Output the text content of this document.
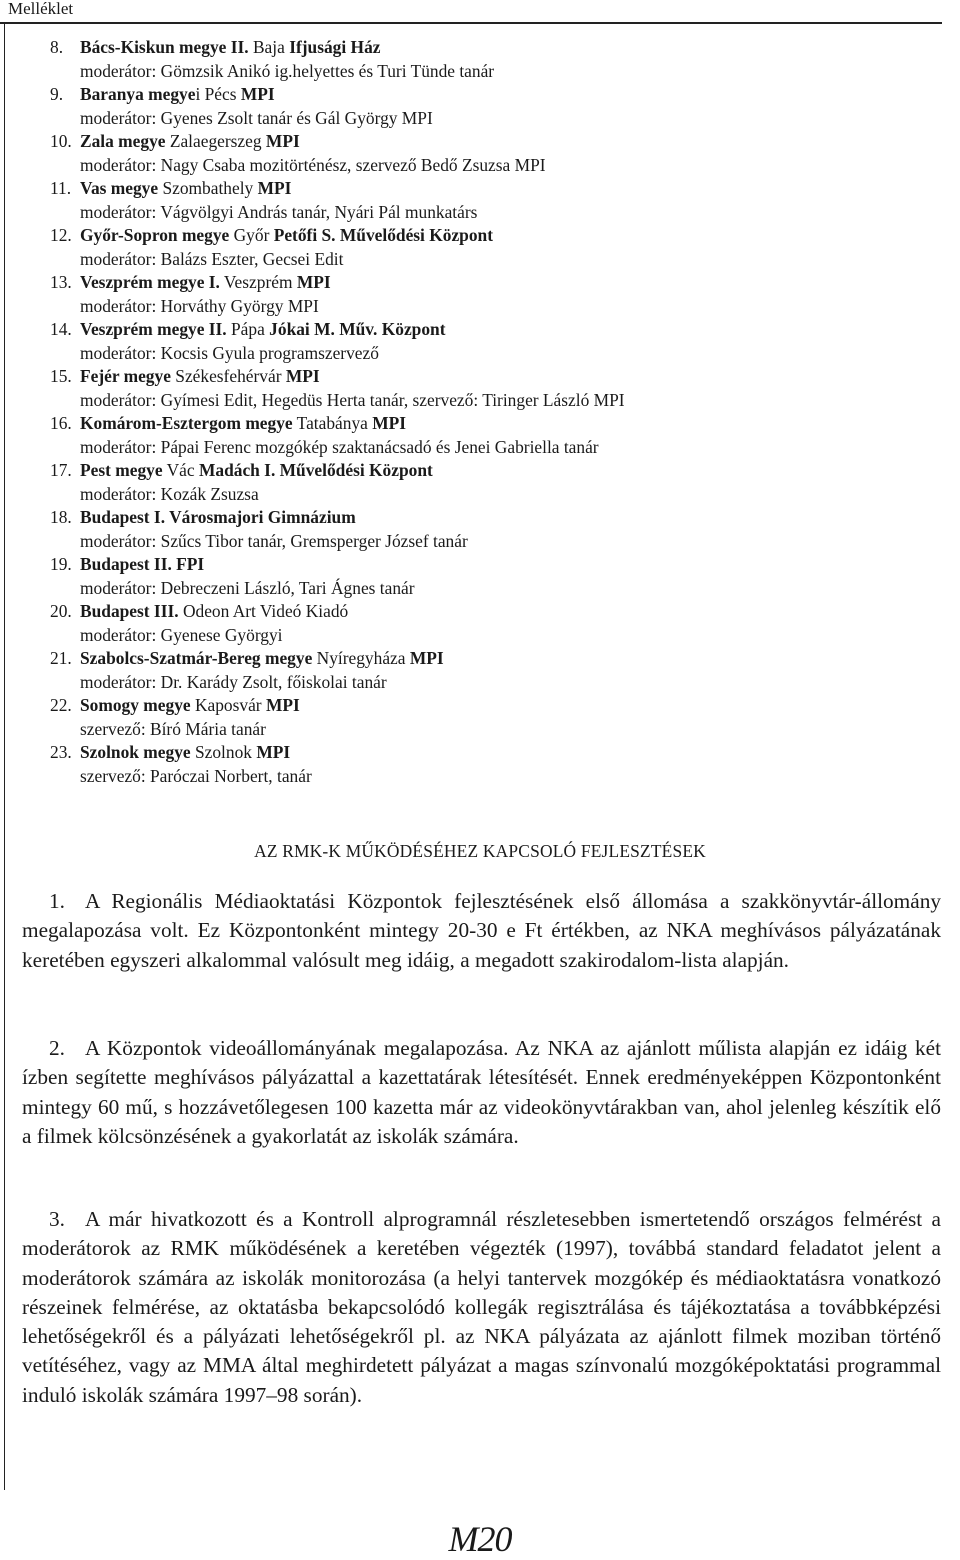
Melléklet
8. Bács-Kiskun megye II. Baja Ifjusági Ház
moderátor: Gömzsik Anikó ig.helyettes és Turi Tünde tanár
9. Baranya megyei Pécs MPI
moderátor: Gyenes Zsolt tanár és Gál György MPI
10. Zala megye Zalaegerszeg MPI
moderátor: Nagy Csaba mozitörténész, szervező Bedő Zsuzsa MPI
11. Vas megye Szombathely MPI
moderátor: Vágvölgyi András tanár, Nyári Pál munkatárs
12. Győr-Sopron megye Győr Petőfi S. Művelődési Központ
moderátor: Balázs Eszter, Gecsei Edit
13. Veszprém megye I. Veszprém MPI
moderátor: Horváthy György MPI
14. Veszprém megye II. Pápa Jókai M. Műv. Központ
moderátor: Kocsis Gyula programszervező
15. Fejér megye Székesfehérvár MPI
moderátor: Gyímesi Edit, Hegedüs Herta tanár, szervező: Tiringer László MPI
16. Komárom-Esztergom megye Tatabánya MPI
moderátor: Pápai Ferenc mozgókép szaktanácsadó és Jenei Gabriella tanár
17. Pest megye Vác Madách I. Művelődési Központ
moderátor: Kozák Zsuzsa
18. Budapest I. Városmajori Gimnázium
moderátor: Szűcs Tibor tanár, Gremsperger József tanár
19. Budapest II. FPI
moderátor: Debreczeni László, Tari Ágnes tanár
20. Budapest III. Odeon Art Videó Kiadó
moderátor: Gyenese Györgyi
21. Szabolcs-Szatmár-Bereg megye Nyíregyháza MPI
moderátor: Dr. Karády Zsolt, főiskolai tanár
22. Somogy megye Kaposvár MPI
szervező: Bíró Mária tanár
23. Szolnok megye Szolnok MPI
szervező: Paróczai Norbert, tanár
AZ RMK-K MŰKÖDÉSÉHEZ KAPCSOLÓ FEJLESZTÉSEK
1. A Regionális Médiaoktatási Központok fejlesztésének első állomása a szakkönyvtár-állomány megalapozása volt. Ez Központonként mintegy 20-30 e Ft értékben, az NKA meghívásos pályázatának keretében egyszeri alkalommal valósult meg idáig, a megadott szakirodalom-lista alapján.
2. A Központok videoállományának megalapozása. Az NKA az ajánlott műlista alapján ez idáig két ízben segítette meghívásos pályázattal a kazettatárak létesítését. Ennek eredményeképpen Központonként mintegy 60 mű, s hozzávetőlegesen 100 kazetta már az videokönyvtárakban van, ahol jelenleg készítik elő a filmek kölcsönzésének a gyakorlatát az iskolák számára.
3. A már hivatkozott és a Kontroll alprogramnál részletesebben ismertetendő országos felmérést a moderátorok az RMK működésének a keretében végezték (1997), továbbá standard feladatot jelent a moderátorok számára az iskolák monitorozása (a helyi tantervek mozgókép és médiaoktatásra vonatkozó részeinek felmérése, az oktatásba bekapcsolódó kollegák regisztrálása és tájékoztatása a továbbképzési lehetőségekről és a pályázati lehetőségekről pl. az NKA pályázata az ajánlott filmek moziban történő vetítéséhez, vagy az MMA által meghirdetett pályázat a magas színvonalú mozgóképoktatási programmal induló iskolák számára 1997–98 során).
M20
